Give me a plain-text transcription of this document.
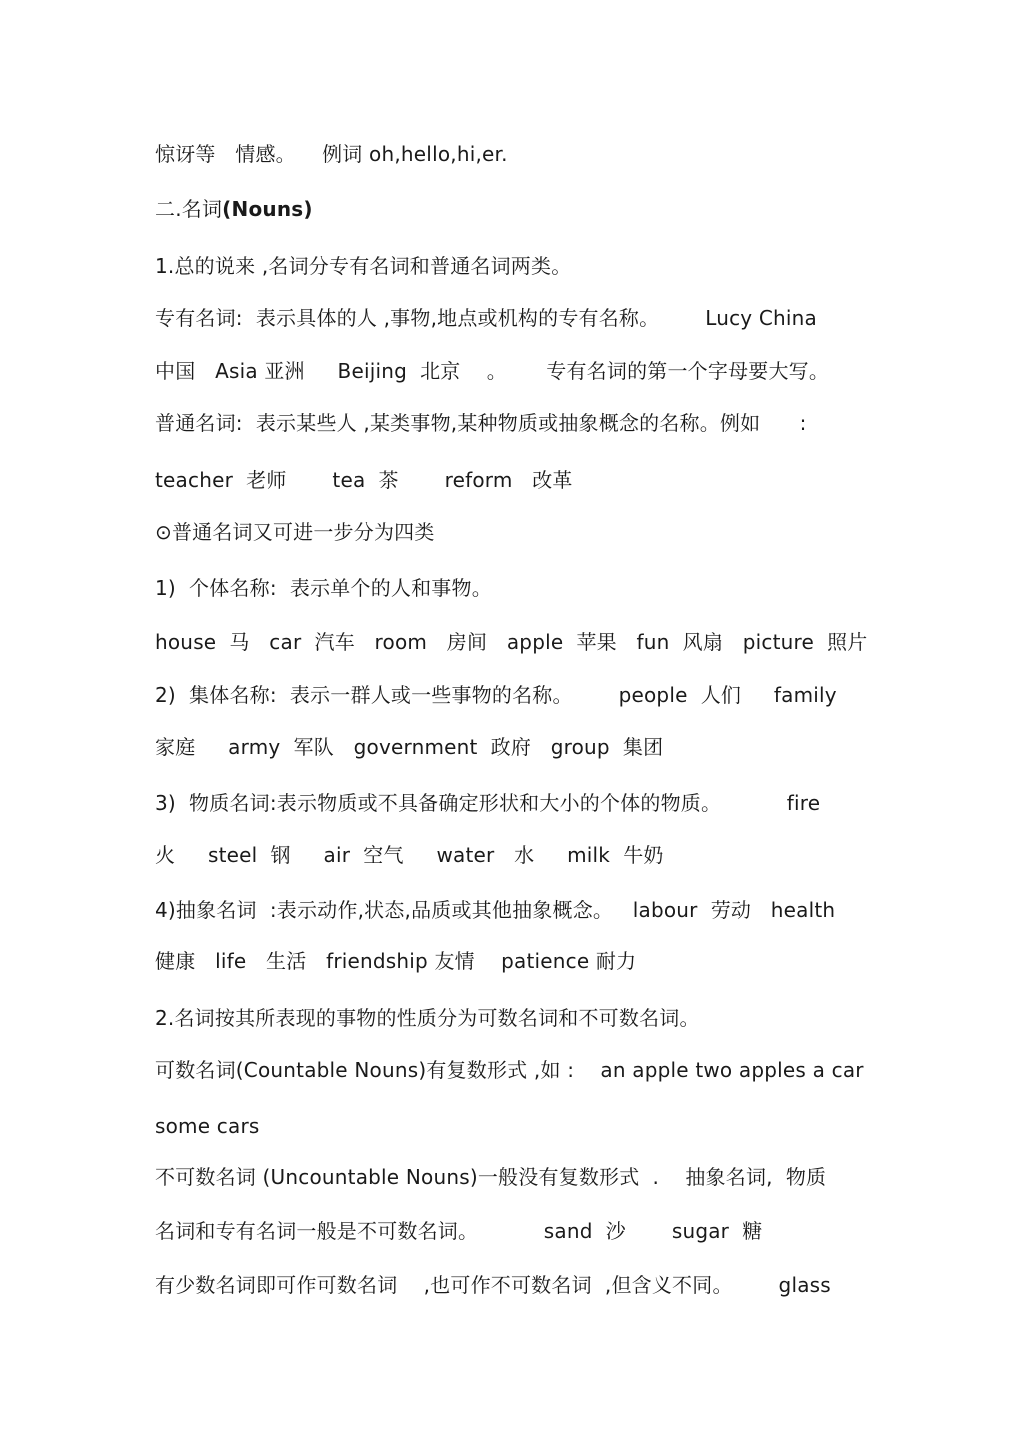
惊讶等   情感。    例词 oh,hello,hi,er.
二.名词(Nouns)
1.总的说来 ,名词分专有名词和普通名词两类。
专有名词:  表示具体的人 ,事物,地点或机构的专有名称。       Lucy China
中国   Asia 亚洲     Beijing  北京    。      专有名词的第一个字母要大写。
普通名词:  表示某些人 ,某类事物,某种物质或抽象概念的名称。例如      :
teacher  老师       tea  茶       reform   改革
⊙普通名词又可进一步分为四类
1)  个体名称:  表示单个的人和事物。
house  马   car  汽车   room   房间   apple  苹果   fun  风扇   picture  照片
2)  集体名称:  表示一群人或一些事物的名称。       people  人们     family
家庭     army  军队   government  政府   group  集团
3)  物质名词:表示物质或不具备确定形状和大小的个体的物质。          fire
火     steel  钢     air  空气     water   水     milk  牛奶
4)抽象名词  :表示动作,状态,品质或其他抽象概念。   labour  劳动   health
健康   life   生活   friendship 友情    patience 耐力
2.名词按其所表现的事物的性质分为可数名词和不可数名词。
可数名词(Countable Nouns)有复数形式 ,如 :    an apple two apples a car
some cars
不可数名词 (Uncountable Nouns)一般没有复数形式  .    抽象名词,  物质
名词和专有名词一般是不可数名词。          sand  沙       sugar  糖
有少数名词即可作可数名词    ,也可作不可数名词  ,但含义不同。       glass
